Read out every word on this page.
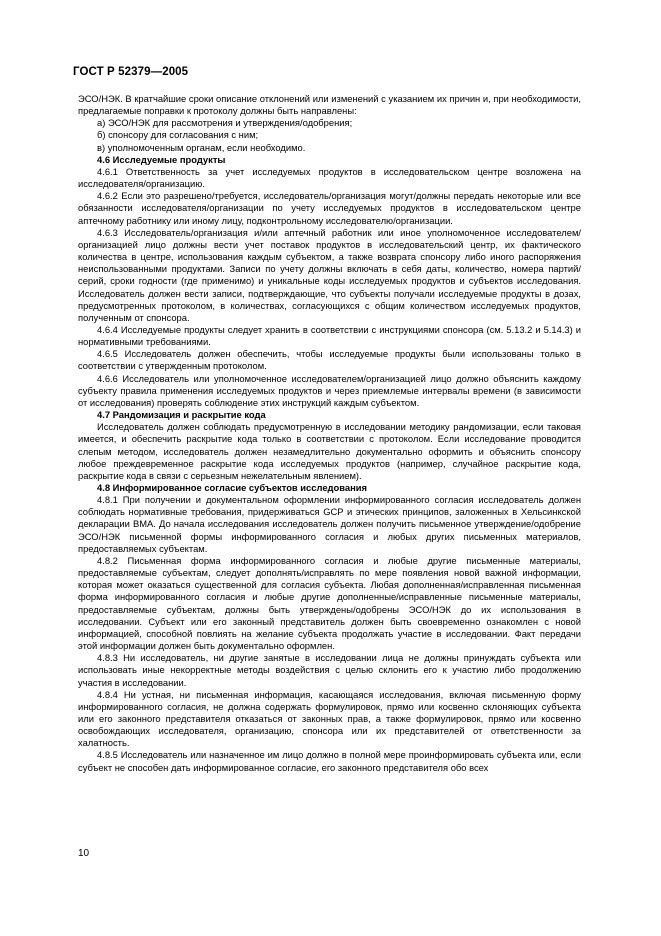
ГОСТ Р 52379—2005

ЭСО/НЭК. В кратчайшие сроки описание отклонений или изменений с указанием их причин и, при необходимости, предлагаемые поправки к протоколу должны быть направлены:

а) ЭСО/НЭК для рассмотрения и утверждения/одобрения;

б) спонсору для согласования с ним;

в) уполномоченным органам, если необходимо.

4.6 Исследуемые продукты

4.6.1 Ответственность за учет исследуемых продуктов в исследовательском центре возложена на исследователя/организацию.

4.6.2 Если это разрешено/требуется, исследователь/организация могут/должны передать некоторые или все обязанности исследователя/организации по учету исследуемых продуктов в исследовательском центре аптечному работнику или иному лицу, подконтрольному исследователю/организации.

4.6.3 Исследователь/организация и/или аптечный работник или иное уполномоченное исследователем/организацией лицо должны вести учет поставок продуктов в исследовательский центр, их фактического количества в центре, использования каждым субъектом, а также возврата спонсору либо иного распоряжения неиспользованными продуктами. Записи по учету должны включать в себя даты, количество, номера партий/серий, сроки годности (где применимо) и уникальные коды исследуемых продуктов и субъектов исследования. Исследователь должен вести записи, подтверждающие, что субъекты получали исследуемые продукты в дозах, предусмотренных протоколом, в количествах, согласующихся с общим количеством исследуемых продуктов, полученным от спонсора.

4.6.4 Исследуемые продукты следует хранить в соответствии с инструкциями спонсора (см. 5.13.2 и 5.14.3) и нормативными требованиями.

4.6.5 Исследователь должен обеспечить, чтобы исследуемые продукты были использованы только в соответствии с утвержденным протоколом.

4.6.6 Исследователь или уполномоченное исследователем/организацией лицо должно объяснить каждому субъекту правила применения исследуемых продуктов и через приемлемые интервалы времени (в зависимости от исследования) проверять соблюдение этих инструкций каждым субъектом.

4.7 Рандомизация и раскрытие кода

Исследователь должен соблюдать предусмотренную в исследовании методику рандомизации, если таковая имеется, и обеспечить раскрытие кода только в соответствии с протоколом. Если исследование проводится слепым методом, исследователь должен незамедлительно документально оформить и объяснить спонсору любое преждевременное раскрытие кода исследуемых продуктов (например, случайное раскрытие кода, раскрытие кода в связи с серьезным нежелательным явлением).

4.8 Информированное согласие субъектов исследования

4.8.1 При получении и документальном оформлении информированного согласия исследователь должен соблюдать нормативные требования, придерживаться GCP и этических принципов, заложенных в Хельсинкской декларации ВМА. До начала исследования исследователь должен получить письменное утверждение/одобрение ЭСО/НЭК письменной формы информированного согласия и любых других письменных материалов, предоставляемых субъектам.

4.8.2 Письменная форма информированного согласия и любые другие письменные материалы, предоставляемые субъектам, следует дополнять/исправлять по мере появления новой важной информации, которая может оказаться существенной для согласия субъекта. Любая дополненная/исправленная письменная форма информированного согласия и любые другие дополненные/исправленные письменные материалы, предоставляемые субъектам, должны быть утверждены/одобрены ЭСО/НЭК до их использования в исследовании. Субъект или его законный представитель должен быть своевременно ознакомлен с новой информацией, способной повлиять на желание субъекта продолжать участие в исследовании. Факт передачи этой информации должен быть документально оформлен.

4.8.3 Ни исследователь, ни другие занятые в исследовании лица не должны принуждать субъекта или использовать иные некорректные методы воздействия с целью склонить его к участию либо продолжению участия в исследовании.

4.8.4 Ни устная, ни письменная информация, касающаяся исследования, включая письменную форму информированного согласия, не должна содержать формулировок, прямо или косвенно склоняющих субъекта или его законного представителя отказаться от законных прав, а также формулировок, прямо или косвенно освобождающих исследователя, организацию, спонсора или их представителей от ответственности за халатность.

4.8.5 Исследователь или назначенное им лицо должно в полной мере проинформировать субъекта или, если субъект не способен дать информированное согласие, его законного представителя обо всех

10
